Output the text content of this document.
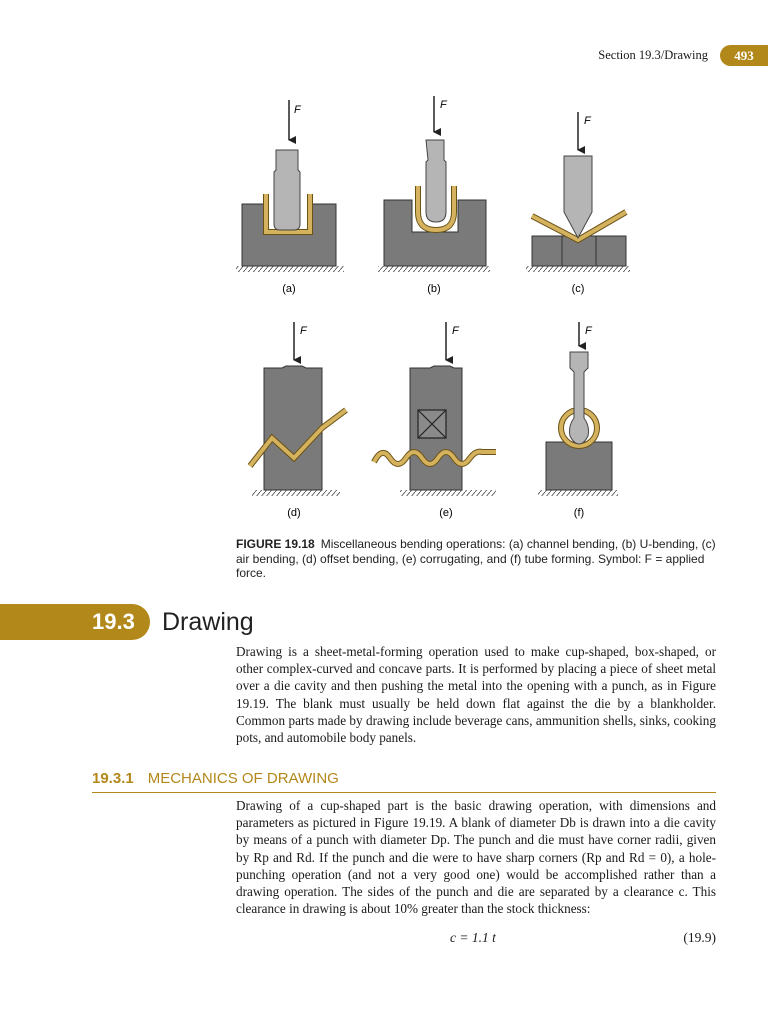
Section 19.3/Drawing	493
F
(a)
F
(b)
F
(c)
F
(d)
F
(e)
F
(f)
FIGURE 19.18 Miscellaneous bending operations: (a) channel bending, (b) U-bending, (c) air bending, (d) offset bending, (e) corrugating, and (f) tube forming. Symbol: F = applied force.
19.3 Drawing
Drawing is a sheet-metal-forming operation used to make cup-shaped, box-shaped, or other complex-curved and concave parts. It is performed by placing a piece of sheet metal over a die cavity and then pushing the metal into the opening with a punch, as in Figure 19.19. The blank must usually be held down flat against the die by a blankholder. Common parts made by drawing include beverage cans, ammunition shells, sinks, cooking pots, and automobile body panels.
19.3.1 MECHANICS OF DRAWING
Drawing of a cup-shaped part is the basic drawing operation, with dimensions and parameters as pictured in Figure 19.19. A blank of diameter Db is drawn into a die cavity by means of a punch with diameter Dp. The punch and die must have corner radii, given by Rp and Rd. If the punch and die were to have sharp corners (Rp and Rd = 0), a hole-punching operation (and not a very good one) would be accomplished rather than a drawing operation. The sides of the punch and die are separated by a clearance c. This clearance in drawing is about 10% greater than the stock thickness:
c = 1.1 t	(19.9)
